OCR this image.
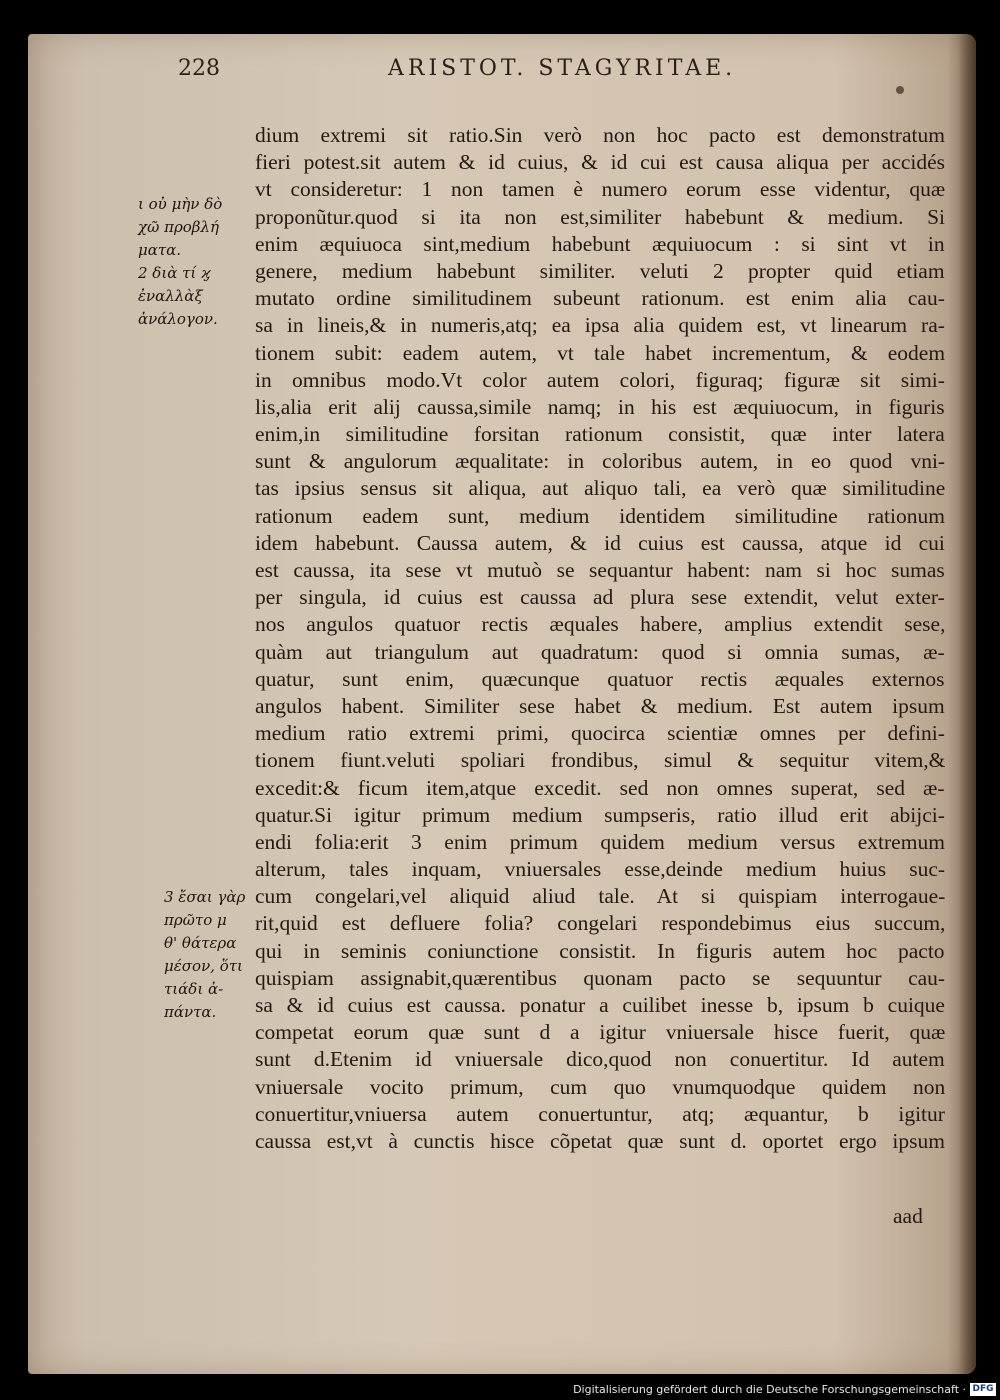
228	ARISTOT. STAGYRITAE.
ι οὐ μὴν δὸ
χῶ προβλή
ματα.
2 διὰ τί ϗ
ἐναλλὰξ
ἀνάλογον.
3 ἔσαι γὰρ
πρῶτο μ
θ' θάτερα
μέσον, ὅτι
τιάδι ἀ-
πάντα.
dium extremi sit ratio.Sin verò non hoc pacto est demonstratum
fieri potest.sit autem & id cuius, & id cui est causa aliqua per accidés
vt consideretur: 1 non tamen è numero eorum esse videntur, quæ
proponũtur.quod si ita non est,similiter habebunt & medium. Si
enim æquiuoca sint,medium habebunt æquiuocum : si sint vt in
genere, medium habebunt similiter. veluti 2 propter quid etiam
mutato ordine similitudinem subeunt rationum. est enim alia cau-
sa in lineis,& in numeris,atq; ea ipsa alia quidem est, vt linearum ra-
tionem subit: eadem autem, vt tale habet incrementum, & eodem
in omnibus modo.Vt color autem colori, figuraq; figuræ sit simi-
lis,alia erit alij caussa,simile namq; in his est æquiuocum, in figuris
enim,in similitudine forsitan rationum consistit, quæ inter latera
sunt & angulorum æqualitate: in coloribus autem, in eo quod vni-
tas ipsius sensus sit aliqua, aut aliquo tali, ea verò quæ similitudine
rationum eadem sunt, medium identidem similitudine rationum
idem habebunt. Caussa autem, & id cuius est caussa, atque id cui
est caussa, ita sese vt mutuò se sequantur habent: nam si hoc sumas
per singula, id cuius est caussa ad plura sese extendit, velut exter-
nos angulos quatuor rectis æquales habere, amplius extendit sese,
quàm aut triangulum aut quadratum: quod si omnia sumas, æ-
quatur, sunt enim, quæcunque quatuor rectis æquales externos
angulos habent. Similiter sese habet & medium. Est autem ipsum
medium ratio extremi primi, quocirca scientiæ omnes per defini-
tionem fiunt.veluti spoliari frondibus, simul & sequitur vitem,&
excedit:& ficum item,atque excedit. sed non omnes superat, sed æ-
quatur.Si igitur primum medium sumpseris, ratio illud erit abijci-
endi folia:erit 3 enim primum quidem medium versus extremum
alterum, tales inquam, vniuersales esse,deinde medium huius suc-
cum congelari,vel aliquid aliud tale. At si quispiam interrogaue-
rit,quid est defluere folia? congelari respondebimus eius succum,
qui in seminis coniunctione consistit. In figuris autem hoc pacto
quispiam assignabit,quærentibus quonam pacto se sequuntur cau-
sa & id cuius est caussa. ponatur a cuilibet inesse b, ipsum b cuique
competat eorum quæ sunt d a igitur vniuersale hisce fuerit, quæ
sunt d.Etenim id vniuersale dico,quod non conuertitur. Id autem
vniuersale vocito primum, cum quo vnumquodque quidem non
conuertitur,vniuersa autem conuertuntur, atq; æquantur, b igitur
caussa est,vt à cunctis hisce cõpetat quæ sunt d. oportet ergo ipsum
aad
Digitalisierung gefördert durch die Deutsche Forschungsgemeinschaft · DFG
